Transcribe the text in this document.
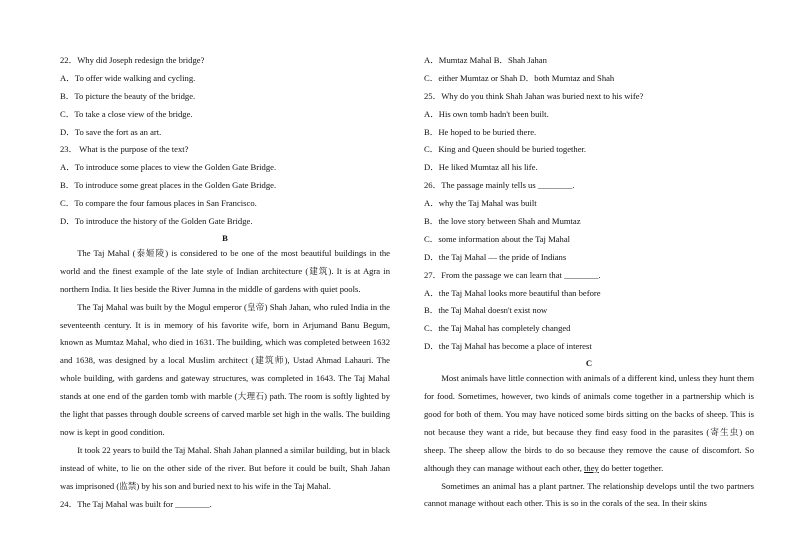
22．Why did Joseph redesign the bridge?
A．To offer wide walking and cycling.
B．To picture the beauty of the bridge.
C．To take a close view of the bridge.
D．To save the fort as an art.
23． What is the purpose of the text?
A．To introduce some places to view the Golden Gate Bridge.
B．To introduce some great places in the Golden Gate Bridge.
C．To compare the four famous places in San Francisco.
D．To introduce the history of the Golden Gate Bridge.
B

The Taj Mahal (泰姬陵) is considered to be one of the most beautiful buildings in the world and the finest example of the late style of Indian architecture (建筑). It is at Agra in northern India. It lies beside the River Jumna in the middle of gardens with quiet pools.

The Taj Mahal was built by the Mogul emperor (皇帝) Shah Jahan, who ruled India in the seventeenth century. It is in memory of his favorite wife, born in Arjumand Banu Begum, known as Mumtaz Mahal, who died in 1631. The building, which was completed between 1632 and 1638, was designed by a local Muslim architect (建筑师), Ustad Ahmad Lahauri. The whole building, with gardens and gateway structures, was completed in 1643. The Taj Mahal stands at one end of the garden tomb with marble (大理石) path. The room is softly lighted by the light that passes through double screens of carved marble set high in the walls. The building now is kept in good condition.

It took 22 years to build the Taj Mahal. Shah Jahan planned a similar building, but in black instead of white, to lie on the other side of the river. But before it could be built, Shah Jahan was imprisoned (监禁) by his son and buried next to his wife in the Taj Mahal.

24．The Taj Mahal was built for ________.
A．Mumtaz Mahal B．Shah Jahan
C．either Mumtaz or Shah D．both Mumtaz and Shah
25．Why do you think Shah Jahan was buried next to his wife?
A．His own tomb hadn't been built.
B．He hoped to be buried there.
C．King and Queen should be buried together.
D．He liked Mumtaz all his life.
26．The passage mainly tells us ________.
A．why the Taj Mahal was built
B．the love story between Shah and Mumtaz
C．some information about the Taj Mahal
D．the Taj Mahal — the pride of Indians
27．From the passage we can learn that ________.
A．the Taj Mahal looks more beautiful than before
B．the Taj Mahal doesn't exist now
C．the Taj Mahal has completely changed
D．the Taj Mahal has become a place of interest
C

Most animals have little connection with animals of a different kind, unless they hunt them for food. Sometimes, however, two kinds of animals come together in a partnership which is good for both of them. You may have noticed some birds sitting on the backs of sheep. This is not because they want a ride, but because they find easy food in the parasites (寄生虫) on sheep. The sheep allow the birds to do so because they remove the cause of discomfort. So although they can manage without each other, they do better together.

Sometimes an animal has a plant partner. The relationship develops until the two partners cannot manage without each other. This is so in the corals of the sea. In their skins
